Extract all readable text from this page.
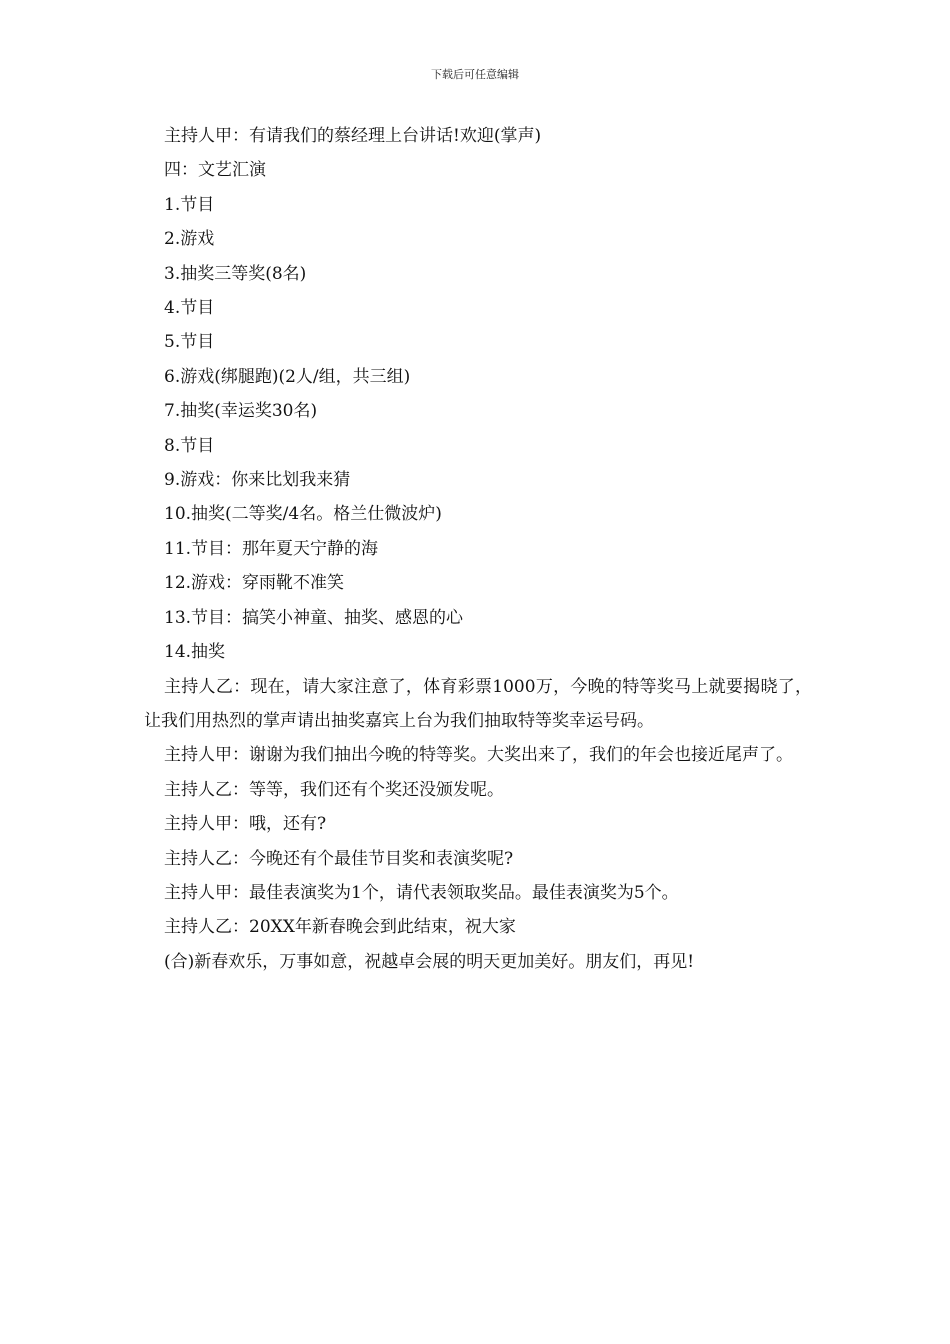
下载后可任意编辑

主持人甲：有请我们的蔡经理上台讲话!欢迎(掌声)

四：文艺汇演

1.节目

2.游戏

3.抽奖三等奖(8名)

4.节目

5.节目

6.游戏(绑腿跑)(2人/组，共三组)

7.抽奖(幸运奖30名)

8.节目

9.游戏：你来比划我来猜

10.抽奖(二等奖/4名。格兰仕微波炉)

11.节目：那年夏天宁静的海

12.游戏：穿雨靴不准笑

13.节目：搞笑小神童、抽奖、感恩的心

14.抽奖

主持人乙：现在，请大家注意了，体育彩票1000万，今晚的特等奖马上就要揭晓了，让我们用热烈的掌声请出抽奖嘉宾上台为我们抽取特等奖幸运号码。

主持人甲：谢谢为我们抽出今晚的特等奖。大奖出来了，我们的年会也接近尾声了。

主持人乙：等等，我们还有个奖还没颁发呢。

主持人甲：哦，还有?

主持人乙：今晚还有个最佳节目奖和表演奖呢?

主持人甲：最佳表演奖为1个，请代表领取奖品。最佳表演奖为5个。

主持人乙：20XX年新春晚会到此结束，祝大家

(合)新春欢乐，万事如意，祝越卓会展的明天更加美好。朋友们，再见!
